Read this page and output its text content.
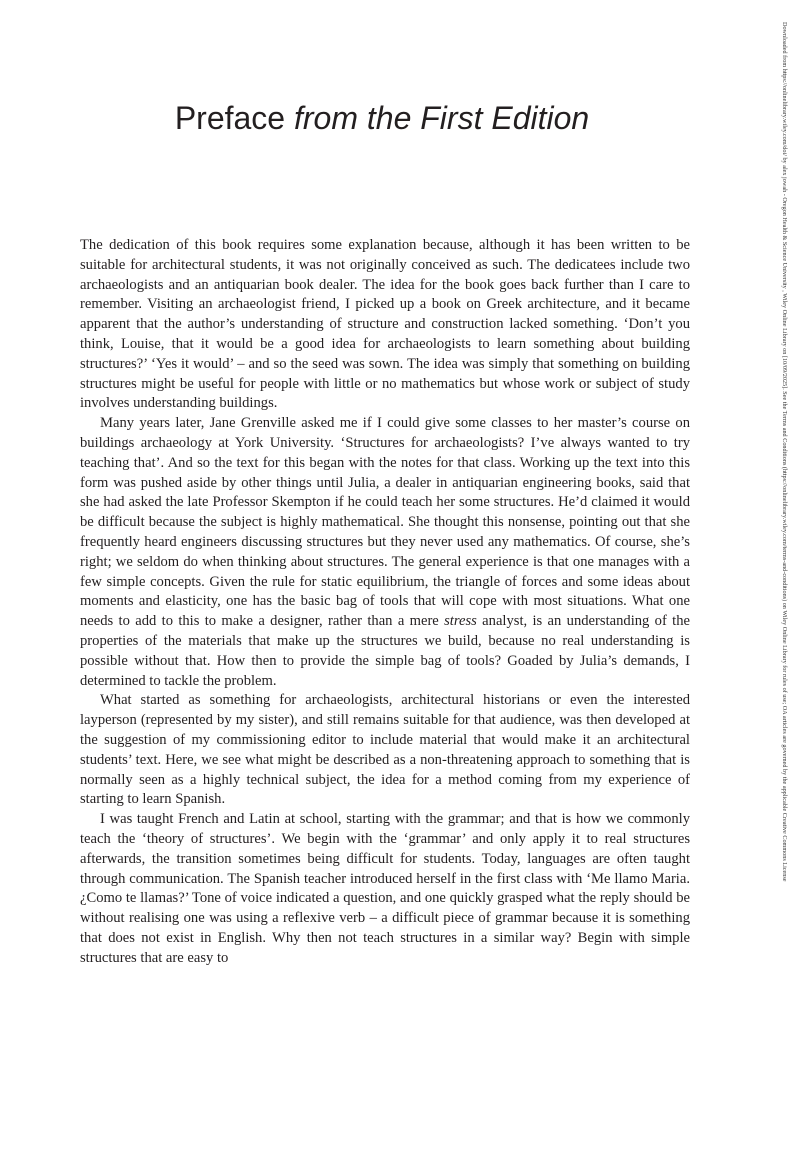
Preface from the First Edition

The dedication of this book requires some explanation because, although it has been written to be suitable for architectural students, it was not originally conceived as such. The dedicatees include two archaeologists and an antiquarian book dealer. The idea for the book goes back further than I care to remember. Visiting an archaeologist friend, I picked up a book on Greek architecture, and it became apparent that the author’s understanding of structure and construction lacked something. ‘Don’t you think, Louise, that it would be a good idea for archaeologists to learn something about building structures?’ ‘Yes it would’ – and so the seed was sown. The idea was simply that something on building structures might be useful for people with little or no mathematics but whose work or subject of study involves understanding buildings.

Many years later, Jane Grenville asked me if I could give some classes to her master’s course on buildings archaeology at York University. ‘Structures for archaeologists? I’ve always wanted to try teaching that’. And so the text for this began with the notes for that class. Working up the text into this form was pushed aside by other things until Julia, a dealer in antiquarian engineering books, said that she had asked the late Professor Skempton if he could teach her some structures. He’d claimed it would be difficult because the subject is highly mathematical. She thought this nonsense, pointing out that she frequently heard engineers discussing structures but they never used any mathematics. Of course, she’s right; we seldom do when thinking about structures. The general experience is that one manages with a few simple concepts. Given the rule for static equilibrium, the triangle of forces and some ideas about moments and elasticity, one has the basic bag of tools that will cope with most situations. What one needs to add to this to make a designer, rather than a mere stress analyst, is an understanding of the properties of the materials that make up the structures we build, because no real understanding is possible without that. How then to provide the simple bag of tools? Goaded by Julia’s demands, I determined to tackle the problem.

What started as something for archaeologists, architectural historians or even the interested layperson (represented by my sister), and still remains suitable for that audience, was then developed at the suggestion of my commissioning editor to include material that would make it an architectural students’ text. Here, we see what might be described as a non-threatening approach to something that is normally seen as a highly technical subject, the idea for a method coming from my experience of starting to learn Spanish.

I was taught French and Latin at school, starting with the grammar; and that is how we commonly teach the ‘theory of structures’. We begin with the ‘grammar’ and only apply it to real structures afterwards, the transition sometimes being difficult for students. Today, languages are often taught through communication. The Spanish teacher introduced herself in the first class with ‘Me llamo Maria. ¿Como te llamas?’ Tone of voice indicated a question, and one quickly grasped what the reply should be without realising one was using a reflexive verb – a difficult piece of grammar because it is something that does not exist in English. Why then not teach structures in a similar way? Begin with simple structures that are easy to

Downloaded from https://onlinelibrary.wiley.com/doi/ by alex jowah - Oregon Health & Science University , Wiley Online Library on [10/09/2025]. See the Terms and Conditions (https://onlinelibrary.wiley.com/terms-and-conditions) on Wiley Online Library for rules of use; OA articles are governed by the applicable Creative Commons License
